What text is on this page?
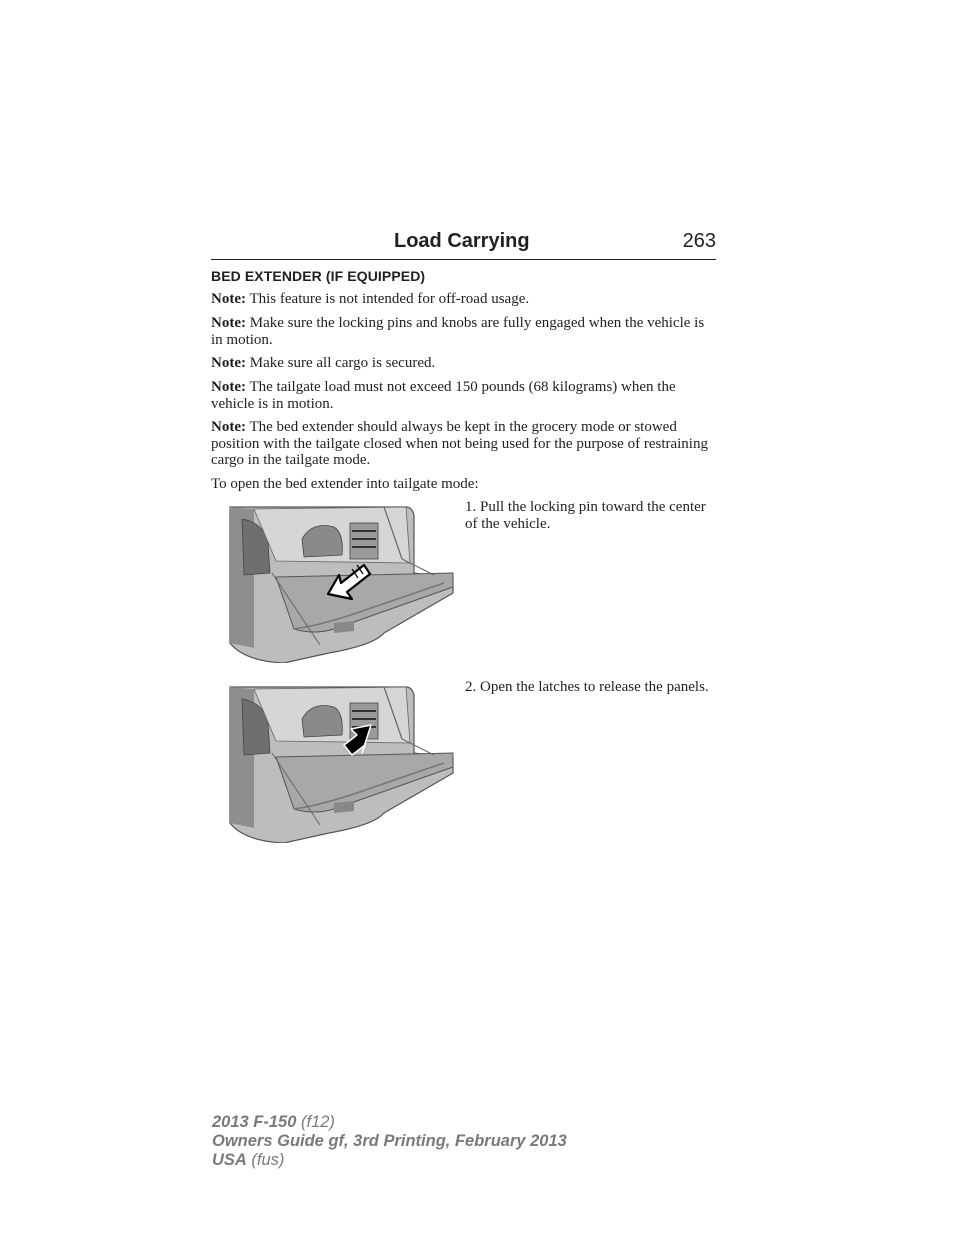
Load Carrying	263
BED EXTENDER (IF EQUIPPED)
Note: This feature is not intended for off-road usage.
Note: Make sure the locking pins and knobs are fully engaged when the vehicle is in motion.
Note: Make sure all cargo is secured.
Note: The tailgate load must not exceed 150 pounds (68 kilograms) when the vehicle is in motion.
Note: The bed extender should always be kept in the grocery mode or stowed position with the tailgate closed when not being used for the purpose of restraining cargo in the tailgate mode.
To open the bed extender into tailgate mode:
1. Pull the locking pin toward the center of the vehicle.
2. Open the latches to release the panels.
2013 F-150 (f12)
Owners Guide gf, 3rd Printing, February 2013
USA (fus)
